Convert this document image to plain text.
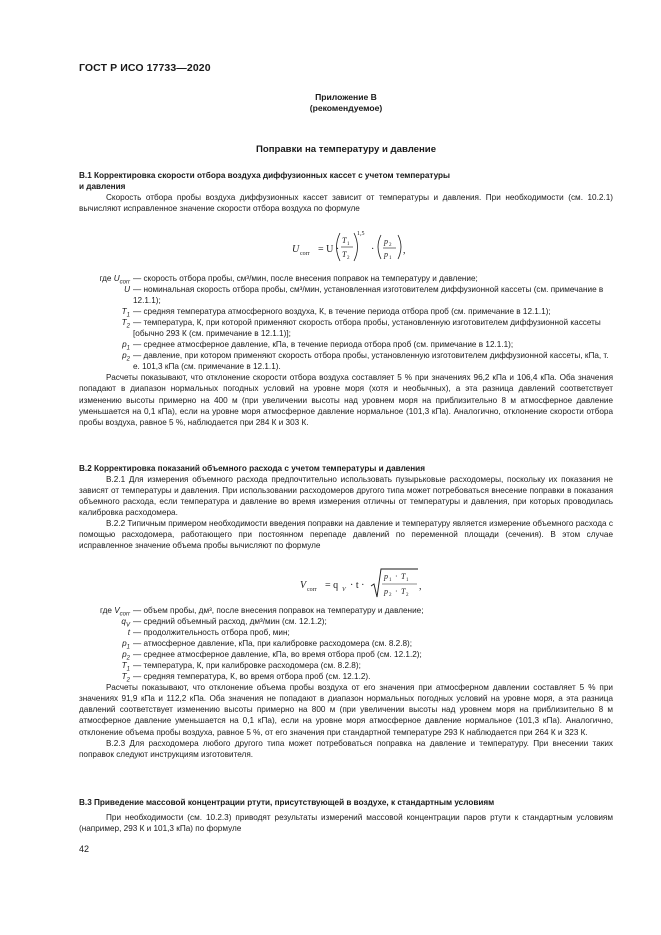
ГОСТ Р ИСО 17733—2020
Приложение В
(рекомендуемое)
Поправки на температуру и давление

В.1 Корректировка скорости отбора воздуха диффузионных кассет с учетом температуры

и давления

Скорость отбора пробы воздуха диффузионных кассет зависит от температуры и давления. При необходимости (см. 10.2.1) вычисляют исправленное значение скорости отбора воздуха по формуле

U corr = U ·
T 1
T 2
1,5
·
p 2
p 1
,
где $U_{corr}$ — скорость отбора пробы, см³/мин, после внесения поправок на температуру и давление;
U — номинальная скорость отбора пробы, см³/мин, установленная изготовителем диффузионной кассеты (см. примечание в 12.1.1);
$T_1$ — средняя температура атмосферного воздуха, К, в течение периода отбора проб (см. примечание в 12.1.1);
$T_2$ — температура, К, при которой применяют скорость отбора пробы, установленную изготовителем диффузионной кассеты [обычно 293 К (см. примечание в 12.1.1)];
$p_1$ — среднее атмосферное давление, кПа, в течение периода отбора проб (см. примечание в 12.1.1);
$p_2$ — давление, при котором применяют скорость отбора пробы, установленную изготовителем диффузионной кассеты, кПа, т. е. 101,3 кПа (см. примечание в 12.1.1).

Расчеты показывают, что отклонение скорости отбора воздуха составляет 5 % при значениях 96,2 кПа и 106,4 кПа. Оба значения попадают в диапазон нормальных погодных условий на уровне моря (хотя и необычных), а эта разница давлений соответствует изменению высоты примерно на 400 м (при увеличении высоты над уровнем моря на приблизительно 8 м атмосферное давление уменьшается на 0,1 кПа), если на уровне моря атмосферное давление нормальное (101,3 кПа). Аналогично, отклонение скорости отбора пробы воздуха, равное 5 %, наблюдается при 284 К и 303 К.

В.2 Корректировка показаний объемного расхода с учетом температуры и давления

В.2.1 Для измерения объемного расхода предпочтительно использовать пузырьковые расходомеры, поскольку их показания не зависят от температуры и давления. При использовании расходомеров другого типа может потребоваться внесение поправки в показания объемного расхода, если температура и давление во время измерения отличны от температуры и давления, при которых проводилась калибровка расходомера.

В.2.2 Типичным примером необходимости введения поправки на давление и температуру является измерение объемного расхода с помощью расходомера, работающего при постоянном перепаде давлений по переменной площади (сечения). В этом случае исправленное значение объема пробы вычисляют по формуле

V corr = q V · t ·
p 1 · T 1
p 2 · T 2
,
где $V_{corr}$ — объем пробы, дм³, после внесения поправок на температуру и давление;
$q_V$ — средний объемный расход, дм³/мин (см. 12.1.2);
t — продолжительность отбора проб, мин;
$p_1$ — атмосферное давление, кПа, при калибровке расходомера (см. 8.2.8);
$p_2$ — среднее атмосферное давление, кПа, во время отбора проб (см. 12.1.2);
$T_1$ — температура, К, при калибровке расходомера (см. 8.2.8);
$T_2$ — средняя температура, К, во время отбора проб (см. 12.1.2).

Расчеты показывают, что отклонение объема пробы воздуха от его значения при атмосферном давлении составляет 5 % при значениях 91,9 кПа и 112,2 кПа. Оба значения не попадают в диапазон нормальных погодных условий на уровне моря, а эта разница давлений соответствует изменению высоты примерно на 800 м (при увеличении высоты над уровнем моря на приблизительно 8 м атмосферное давление уменьшается на 0,1 кПа), если на уровне моря атмосферное давление нормальное (101,3 кПа). Аналогично, отклонение объема пробы воздуха, равное 5 %, от его значения при стандартной температуре 293 К наблюдается при 264 К и 323 К.

В.2.3 Для расходомера любого другого типа может потребоваться поправка на давление и температуру. При внесении таких поправок следуют инструкциям изготовителя.

В.3 Приведение массовой концентрации ртути, присутствующей в воздухе, к стандартным условиям

При необходимости (см. 10.2.3) приводят результаты измерений массовой концентрации паров ртути к стандартным условиям (например, 293 К и 101,3 кПа) по формуле

42
